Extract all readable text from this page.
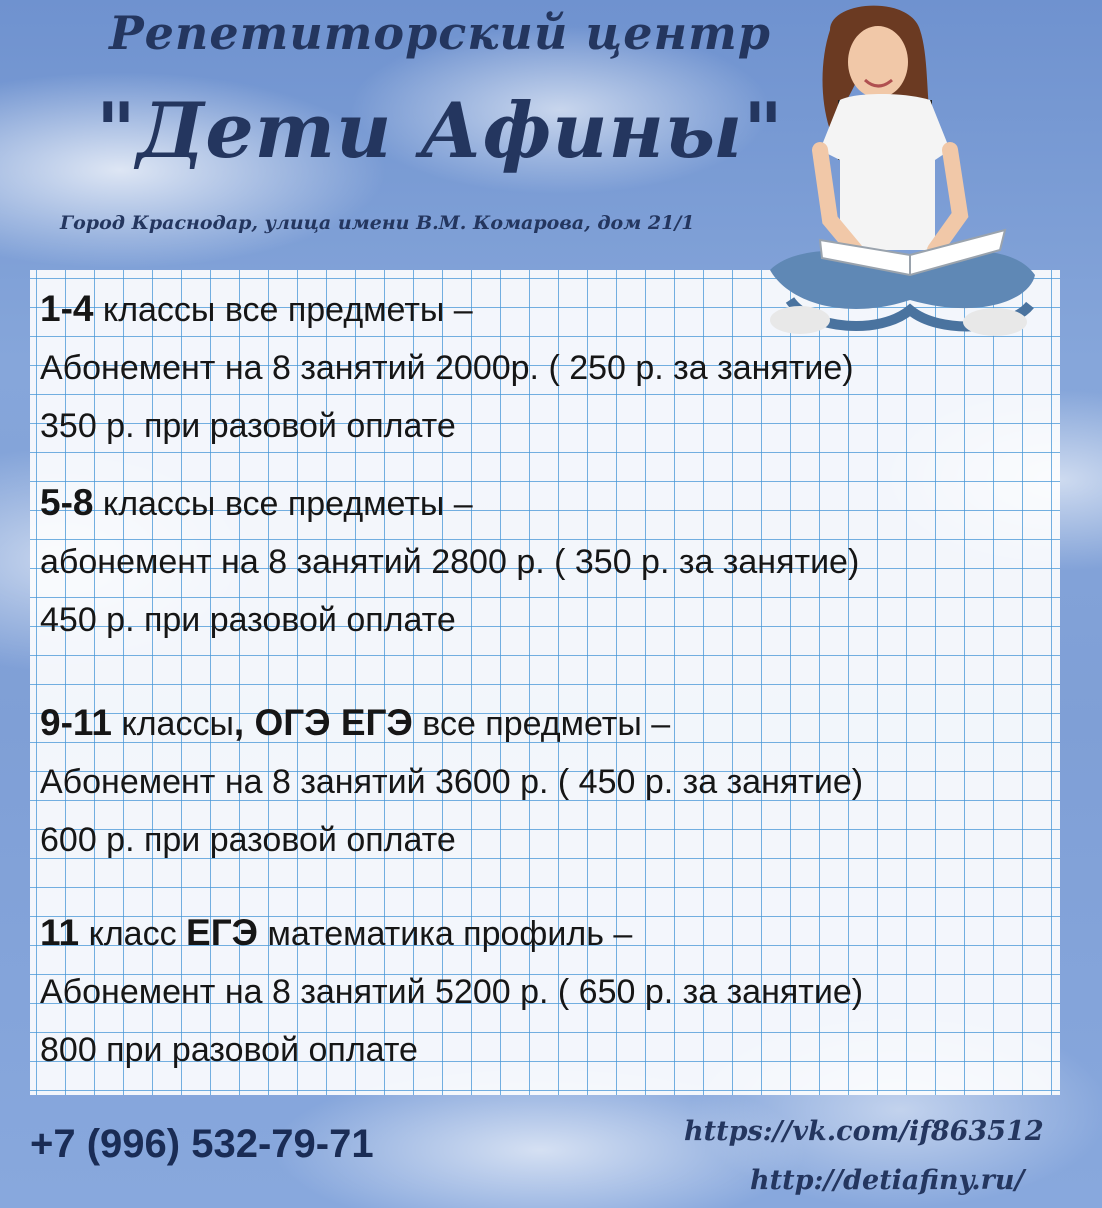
Репетиторский центр
"Дети Афины"
Город Краснодар, улица имени В.М. Комарова, дом 21/1
1-4 классы все предметы –
Абонемент на 8 занятий 2000р. ( 250 р. за занятие)
350 р. при разовой оплате
5-8 классы все предметы –
абонемент на 8 занятий 2800 р. ( 350 р. за занятие)
450 р. при разовой оплате
9-11 классы, ОГЭ ЕГЭ все предметы –
Абонемент на 8 занятий 3600 р. ( 450 р. за занятие)
600 р. при разовой оплате
11 класс ЕГЭ математика профиль –
Абонемент на 8 занятий 5200 р. ( 650 р. за занятие)
800 при разовой оплате
+7 (996) 532-79-71	https://vk.com/if863512
http://detiafiny.ru/
